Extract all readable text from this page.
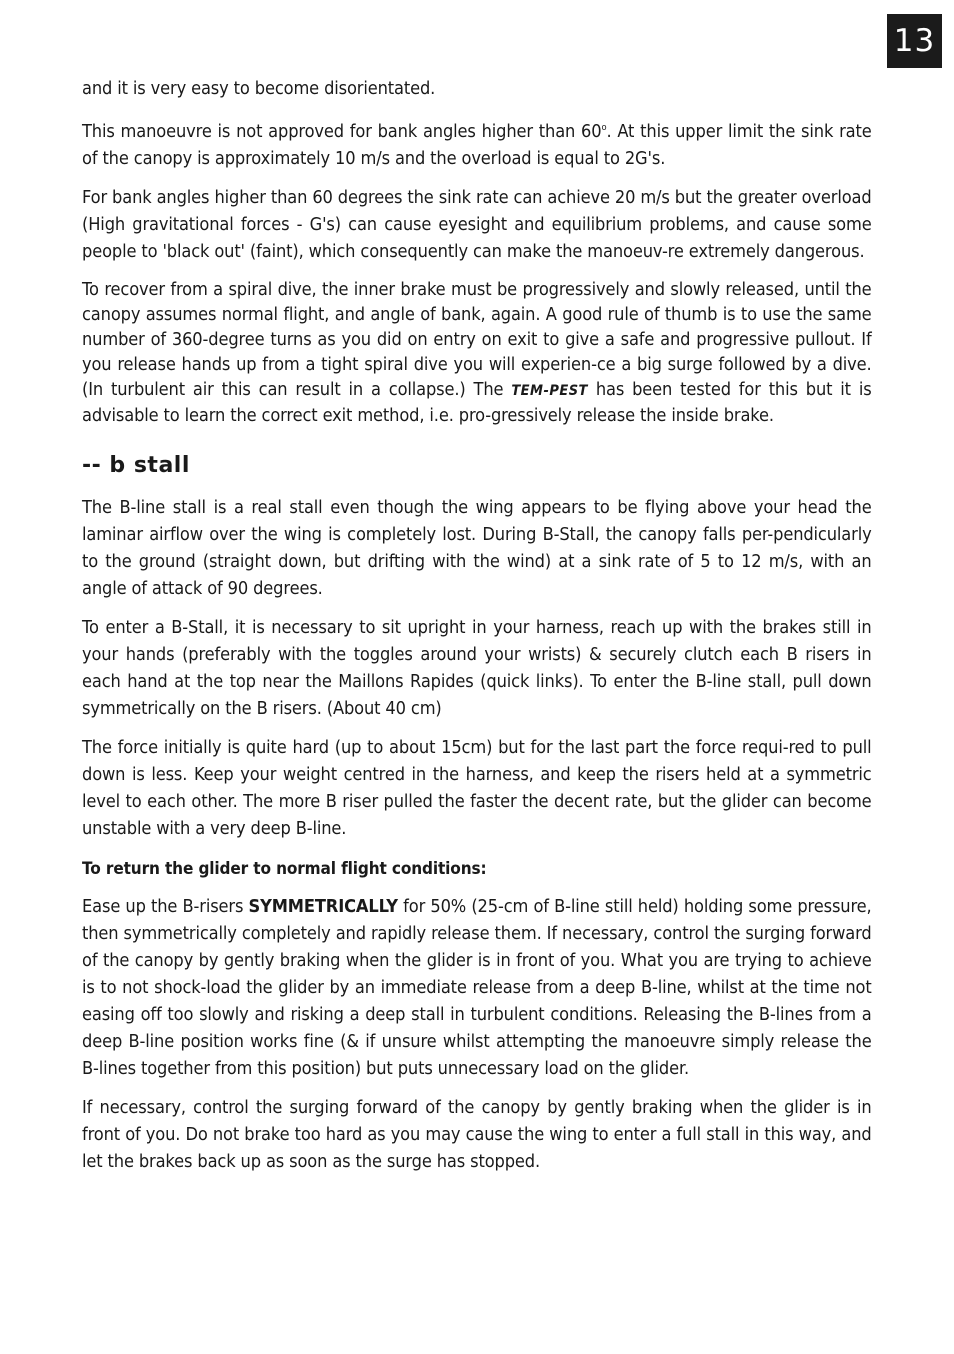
13

and it is very easy to become disorientated.

This manoeuvre is not approved for bank angles higher than 60$^o$. At this upper limit the sink rate of the canopy is approximately 10 m/s and the overload is equal to 2G's.

For bank angles higher than 60 degrees the sink rate can achieve 20 m/s but the greater overload (High gravitational forces - G's) can cause eyesight and equilibrium problems, and cause some people to 'black out' (faint), which consequently can make the manoeuv-re extremely dangerous.

To recover from a spiral dive, the inner brake must be progressively and slowly released, until the canopy assumes normal flight, and angle of bank, again. A good rule of thumb is to use the same number of 360-degree turns as you did on entry on exit to give a safe and progressive pullout. If you release hands up from a tight spiral dive you will experien-ce a big surge followed by a dive. (In turbulent air this can result in a collapse.) The TEM-PEST has been tested for this but it is advisable to learn the correct exit method, i.e. pro-gressively release the inside brake.

-- b stall

The B-line stall is a real stall even though the wing appears to be flying above your head the laminar airflow over the wing is completely lost. During B-Stall, the canopy falls per-pendicularly to the ground (straight down, but drifting with the wind) at a sink rate of 5 to 12 m/s, with an angle of attack of 90 degrees.

To enter a B-Stall, it is necessary to sit upright in your harness, reach up with the brakes still in your hands (preferably with the toggles around your wrists) & securely clutch each B risers in each hand at the top near the Maillons Rapides (quick links). To enter the B-line stall, pull down symmetrically on the B risers. (About 40 cm)

The force initially is quite hard (up to about 15cm) but for the last part the force requi-red to pull down is less. Keep your weight centred in the harness, and keep the risers held at a symmetric level to each other. The more B riser pulled the faster the decent rate, but the glider can become unstable with a very deep B-line.

To return the glider to normal flight conditions:

Ease up the B-risers SYMMETRICALLY for 50% (25-cm of B-line still held) holding some pressure, then symmetrically completely and rapidly release them. If necessary, control the surging forward of the canopy by gently braking when the glider is in front of you. What you are trying to achieve is to not shock-load the glider by an immediate release from a deep B-line, whilst at the time not easing off too slowly and risking a deep stall in turbulent conditions. Releasing the B-lines from a deep B-line position works fine (& if unsure whilst attempting the manoeuvre simply release the B-lines together from this position) but puts unnecessary load on the glider.

If necessary, control the surging forward of the canopy by gently braking when the glider is in front of you. Do not brake too hard as you may cause the wing to enter a full stall in this way, and let the brakes back up as soon as the surge has stopped.
